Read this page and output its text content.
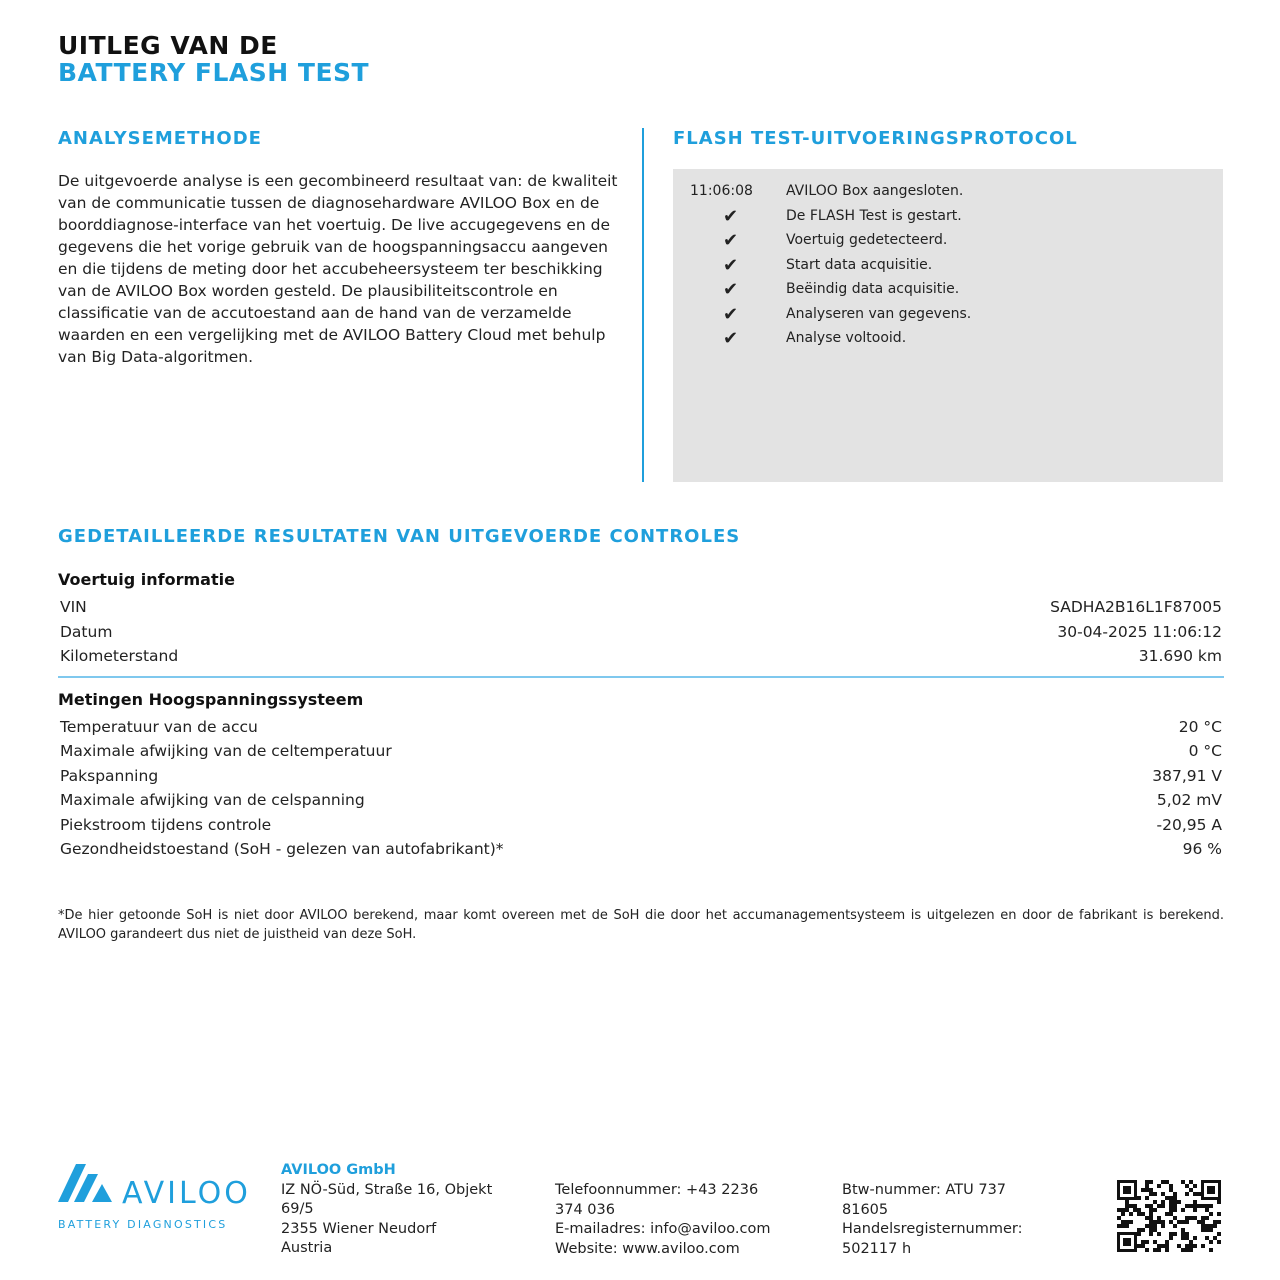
UITLEG VAN DE
BATTERY FLASH TEST
ANALYSEMETHODE
De uitgevoerde analyse is een gecombineerd resultaat van: de kwaliteit van de communicatie tussen de diagnosehardware AVILOO Box en de boorddiagnose-interface van het voertuig. De live accugegevens en de gegevens die het vorige gebruik van de hoogspanningsaccu aangeven en die tijdens de meting door het accubeheersysteem ter beschikking van de AVILOO Box worden gesteld. De plausibiliteitscontrole en classificatie van de accutoestand aan de hand van de verzamelde waarden en een vergelijking met de AVILOO Battery Cloud met behulp van Big Data-algoritmen.
FLASH TEST-UITVOERINGSPROTOCOL
11:06:08 AVILOO Box aangesloten.
✔	De FLASH Test is gestart.
✔	Voertuig gedetecteerd.
✔	Start data acquisitie.
✔	Beëindig data acquisitie.
✔	Analyseren van gegevens.
✔	Analyse voltooid.
GEDETAILLEERDE RESULTATEN VAN UITGEVOERDE CONTROLES
Voertuig informatie
VIN	SADHA2B16L1F87005
Datum	30-04-2025 11:06:12
Kilometerstand	31.690 km
Metingen Hoogspanningssysteem
Temperatuur van de accu	20 °C
Maximale afwijking van de celtemperatuur	0 °C
Pakspanning	387,91 V
Maximale afwijking van de celspanning	5,02 mV
Piekstroom tijdens controle	-20,95 A
Gezondheidstoestand (SoH - gelezen van autofabrikant)*	96 %
*De hier getoonde SoH is niet door AVILOO berekend, maar komt overeen met de SoH die door het accumanagementsysteem is uitgelezen en door de fabrikant is berekend. AVILOO garandeert dus niet de juistheid van deze SoH.
AVILOO
BATTERY DIAGNOSTICS
AVILOO GmbH
IZ NÖ-Süd, Straße 16, Objekt
69/5
2355 Wiener Neudorf
Austria
Telefoonnummer: +43 2236
374 036
E-mailadres: info@aviloo.com
Website: www.aviloo.com
Btw-nummer: ATU 737
81605
Handelsregisternummer:
502117 h
